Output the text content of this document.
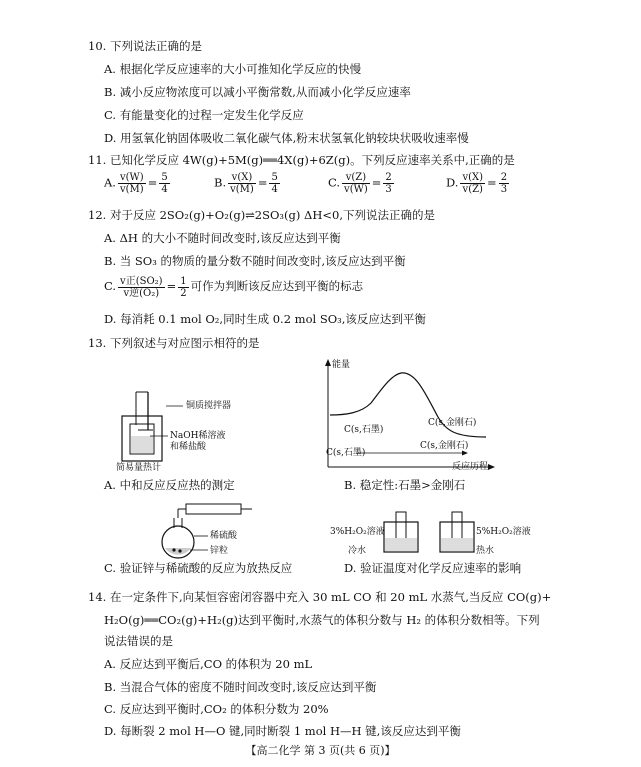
10. 下列说法正确的是
A. 根据化学反应速率的大小可推知化学反应的快慢
B. 减小反应物浓度可以减小平衡常数,从而减小化学反应速率
C. 有能量变化的过程一定发生化学反应
D. 用氢氧化钠固体吸收二氧化碳气体,粉末状氢氧化钠较块状吸收速率慢
11. 已知化学反应 4W(g)+5M(g)══4X(g)+6Z(g)。下列反应速率关系中,正确的是
A. $\frac{v(W)}{v(M)} = \frac{5}{4}$	B. $\frac{v(X)}{v(M)} = \frac{5}{4}$	C. $\frac{v(Z)}{v(W)} = \frac{2}{3}$	D. $\frac{v(X)}{v(Z)} = \frac{2}{3}$
12. 对于反应 2SO₂(g)+O₂(g)⇌2SO₃(g) ΔH<0,下列说法正确的是
A. ΔH 的大小不随时间改变时,该反应达到平衡
B. 当 SO₃ 的物质的量分数不随时间改变时,该反应达到平衡
C. $\frac{\text{v正(SO₂)}}{\text{v逆(O₂)}} = \frac{1}{2}$ 可作为判断该反应达到平衡的标志
D. 每消耗 0.1 mol O₂,同时生成 0.2 mol SO₃,该反应达到平衡
13. 下列叙述与对应图示相符的是
铜质搅拌器
NaOH稀溶液
和稀盐酸
简易量热计
A. 中和反应反应热的测定
能量
反应历程
C(s,石墨)
C(s,金刚石)
C(s,石墨)
C(s,金刚石)
B. 稳定性:石墨>金刚石
稀硫酸
锌粒
C. 验证锌与稀硫酸的反应为放热反应
3%H₂O₂溶液
冷水
5%H₂O₂溶液
热水
D. 验证温度对化学反应速率的影响
14. 在一定条件下,向某恒容密闭容器中充入 30 mL CO 和 20 mL 水蒸气,当反应 CO(g)+
H₂O(g)══CO₂(g)+H₂(g)达到平衡时,水蒸气的体积分数与 H₂ 的体积分数相等。下列
说法错误的是
A. 反应达到平衡后,CO 的体积为 20 mL
B. 当混合气体的密度不随时间改变时,该反应达到平衡
C. 反应达到平衡时,CO₂ 的体积分数为 20%
D. 每断裂 2 mol H—O 键,同时断裂 1 mol H—H 键,该反应达到平衡
【高二化学 第 3 页(共 6 页)】
